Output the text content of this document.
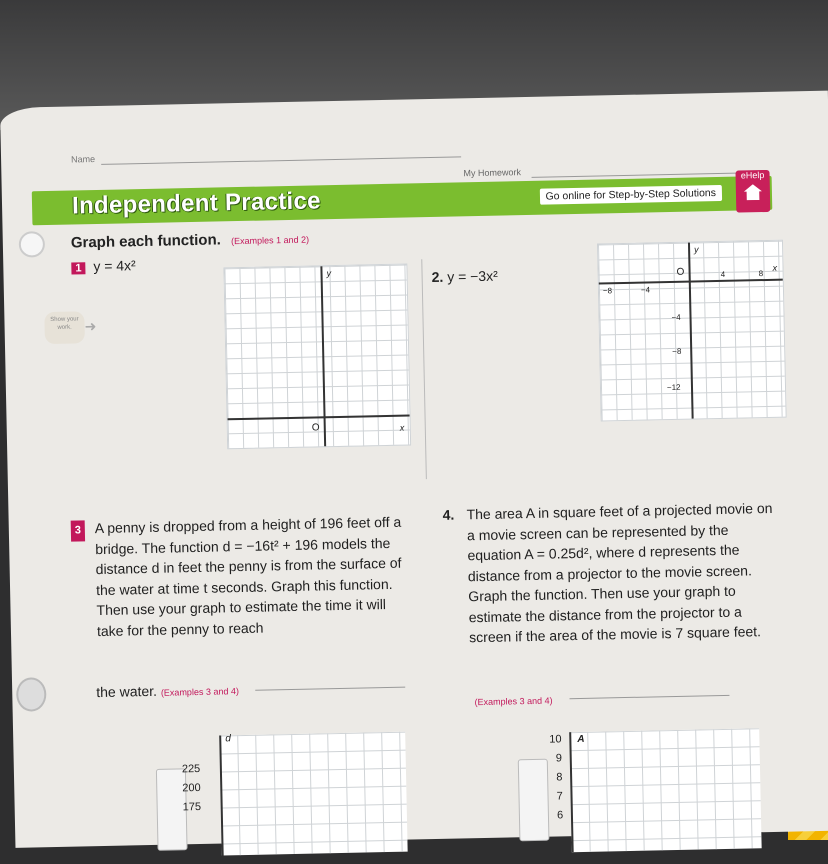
Name
My Homework
Independent Practice	Go online for Step-by-Step Solutions
eHelp
Graph each function. (Examples 1 and 2)
1 y = 4x²
Show your work. ➜
y
x
O
2. y = −3x²
y
x
O
−8	−4
4	8
−4
−8
−12
3 A penny is dropped from a height of 196 feet off a bridge. The function d = −16t² + 196 models the distance d in feet the penny is from the surface of the water at time t seconds. Graph this function. Then use your graph to estimate the time it will take for the penny to reach
the water. (Examples 3 and 4)
4. The area A in square feet of a projected movie on a movie screen can be represented by the equation A = 0.25d², where d represents the distance from a projector to the movie screen. Graph the function. Then use your graph to estimate the distance from the projector to a screen if the area of the movie is 7 square feet.
(Examples 3 and 4)
225
200
175
d	10
9
8
7
6
A
